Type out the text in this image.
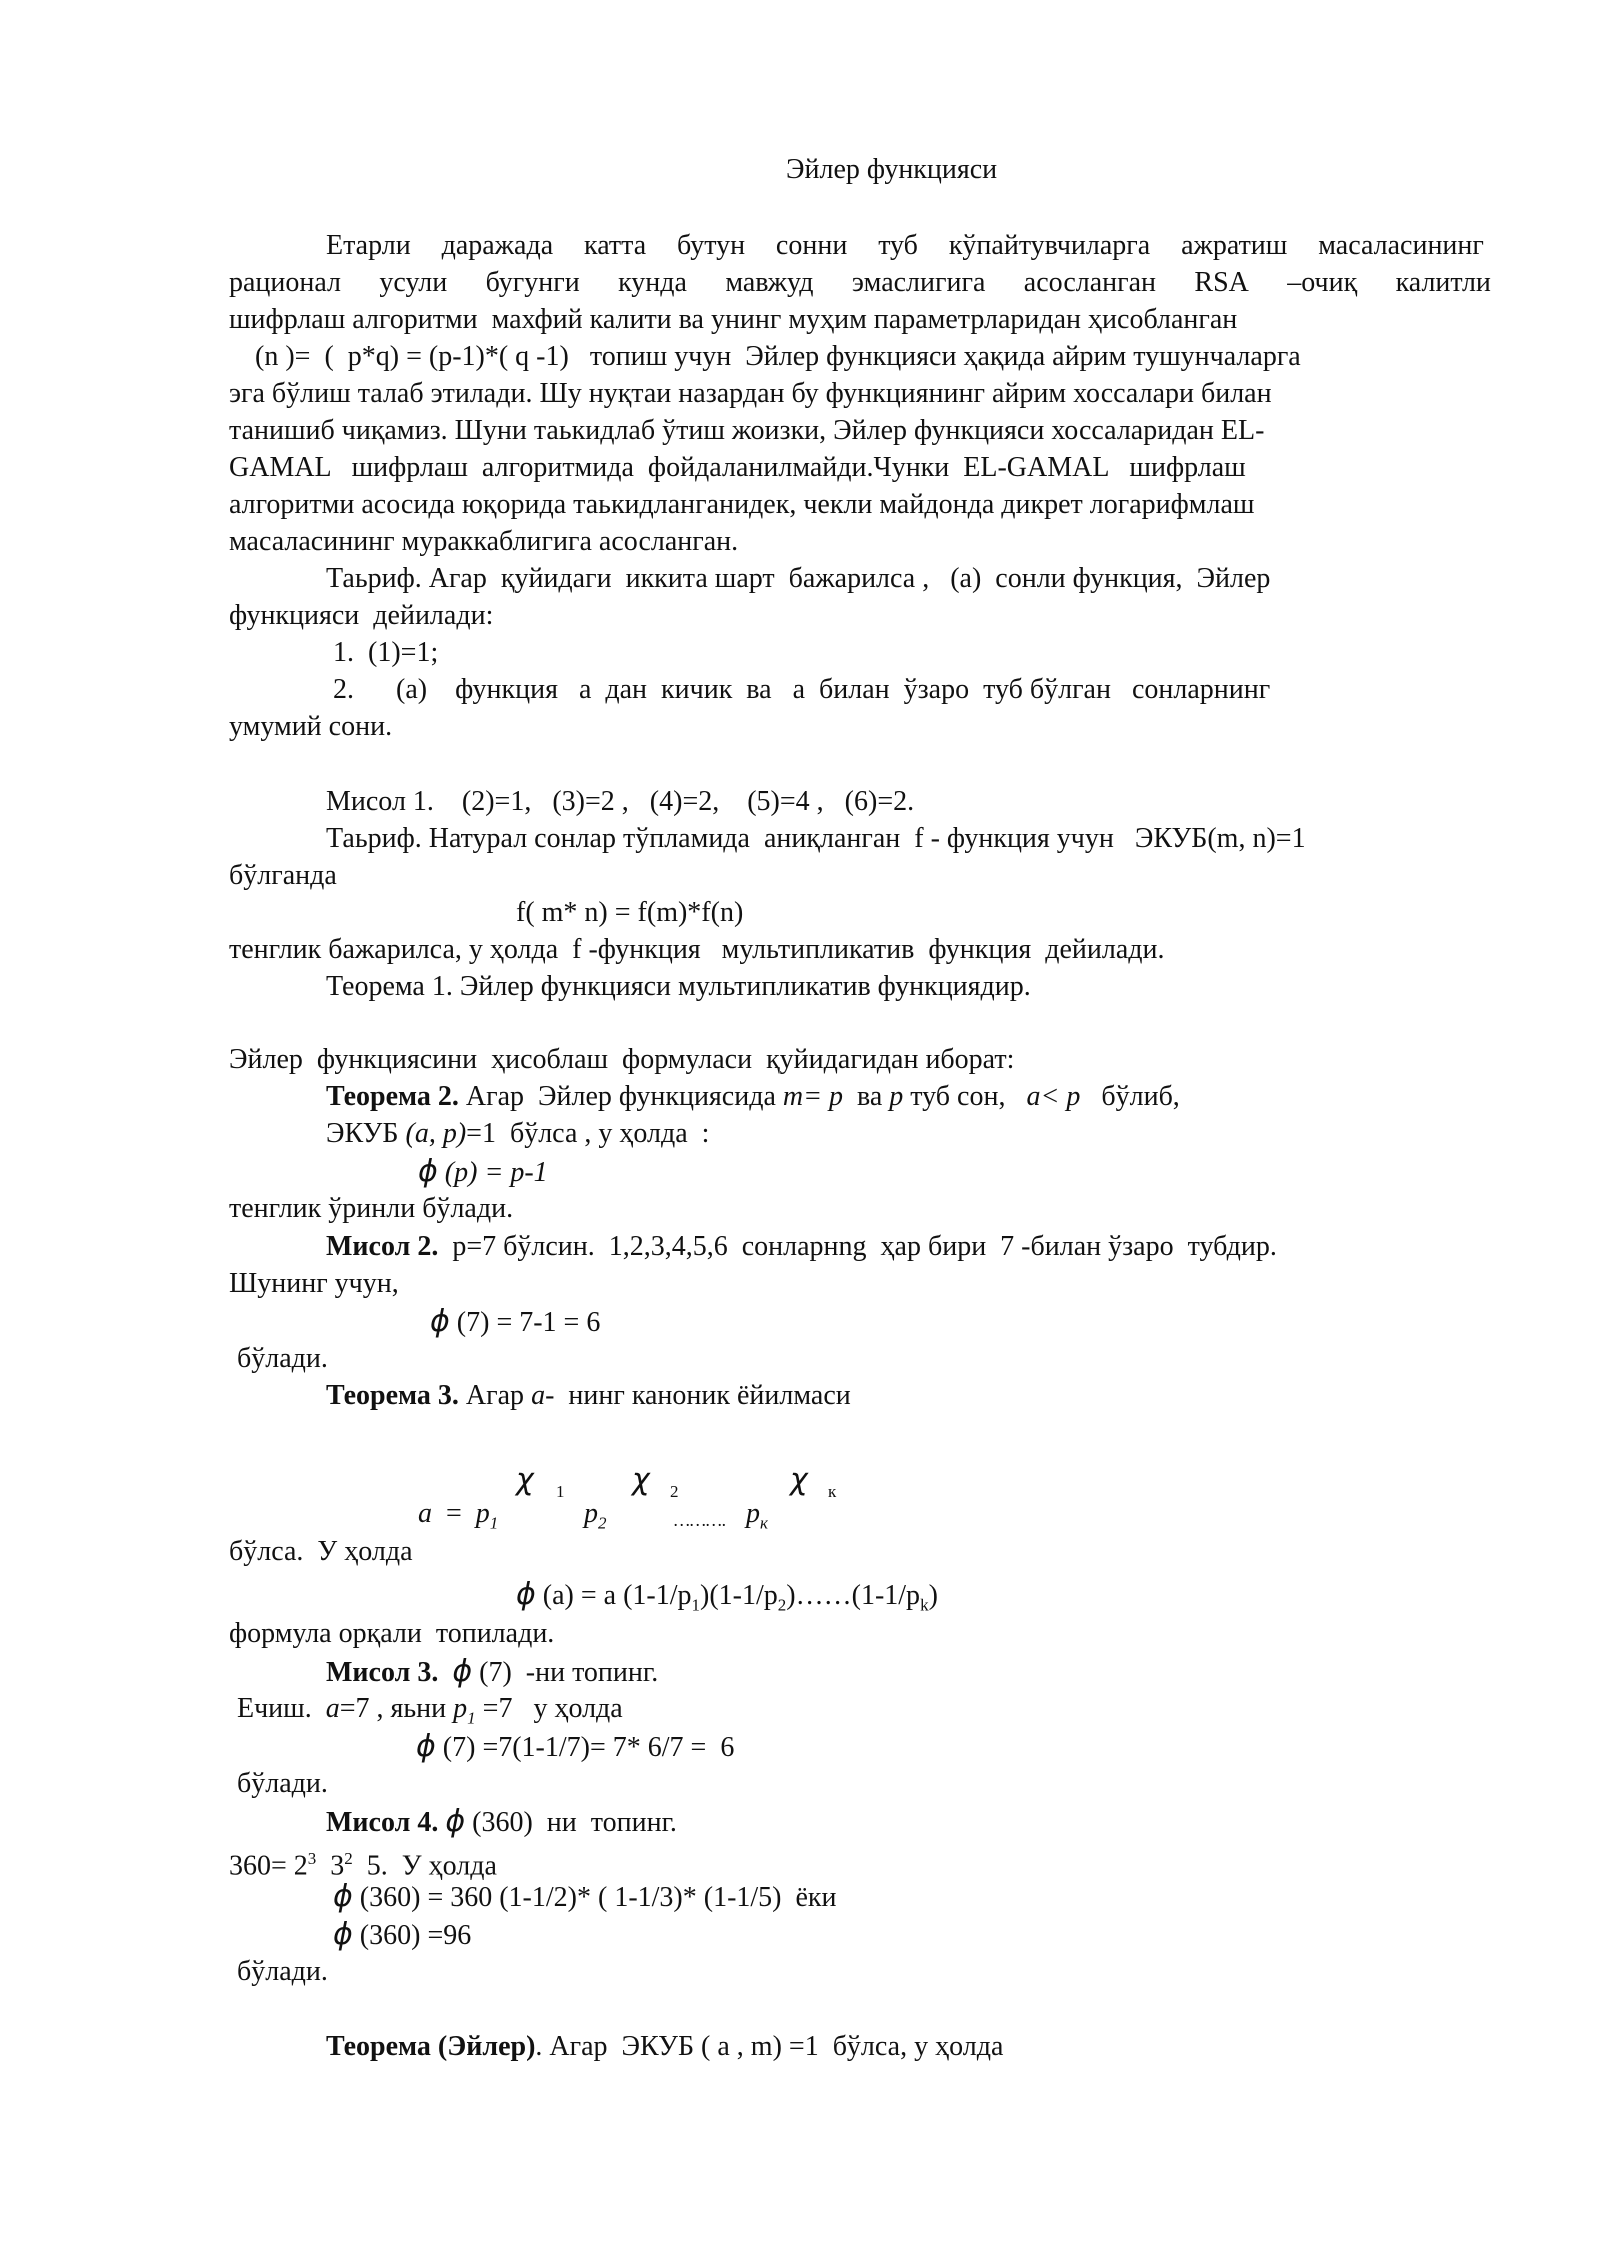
Эйлер функцияси
Етарли даражада катта бутун сонни туб кўпайтувчиларга ажратиш масаласининг
рационал усули бугунги кунда мавжуд эмаслигига асосланган RSA –очиқ калитли
шифрлаш алгоритми  махфий калити ва унинг муҳим параметрларидан ҳисобланган
(n )=  (  p*q) = (p-1)*( q -1)   топиш учун  Эйлер функцияси ҳақида айрим тушунчаларга
эга бўлиш талаб этилади. Шу нуқтаи назардан бу функциянинг айрим хоссалари билан
танишиб чиқамиз. Шуни таькидлаб ўтиш жоизки, Эйлер функцияси хоссаларидан EL-
GAMAL   шифрлаш  алгоритмида  фойдаланилмайди.Чунки  EL-GAMAL   шифрлаш
алгоритми асосида юқорида таькидланганидек, чекли майдонда дикрет логарифмлаш
масаласининг мураккаблигига асосланган.
Таьриф. Агар  қуйидаги  иккита шарт  бажарилса ,   (a)  сонли функция,  Эйлер
функцияси  дейилади:
1.  (1)=1;
2.      (a)    функция   a  дан  кичик  ва   a  билан  ўзаро  туб бўлган   сонларнинг
умумий сони.
Мисол 1.    (2)=1,   (3)=2 ,   (4)=2,    (5)=4 ,   (6)=2.
Таьриф. Натурал сонлар тўпламида  аниқланган  f - функция учун   ЭКУБ(m, n)=1
бўлганда
f( m* n) = f(m)*f(n)
тенглик бажарилса, у ҳолда  f -функция   мультипликатив  функция  дейилади.
Теорема 1. Эйлер функцияси мультипликатив функциядир.
Эйлер  функциясини  ҳисоблаш  формуласи  қуйидагидан иборат:
Теорема 2. Агар  Эйлер функциясида m= p  ва p туб сон,   a< p   бўлиб,
ЭКУБ (a, p)=1  бўлса , у ҳолда  :
ϕ (p) = p-1
тенглик ўринли бўлади.
Мисол 2.  p=7 бўлсин.  1,2,3,4,5,6  сонларнng  ҳар бири  7 -билан ўзаро  тубдир.
Шунинг учун,
ϕ (7) = 7-1 = 6
бўлади.
Теорема 3. Агар a-  нинг каноник ёйилмаси
χ 1 χ 2	χ к
$a = p_1$	$p_2$	………. $p_к$
бўлса.  У ҳолда
ϕ (a) = a $(1-1/p_1)(1-1/p_2)\dots\dots(1-1/p_k)$
формула орқали  топилади.
Мисол 3. ϕ (7)  -ни топинг.
Ечиш.  a=7 , яьни $p_1 =7$   у ҳолда
ϕ (7) =7(1-1/7)= 7* 6/7 =  6
бўлади.
Мисол 4. ϕ (360)  ни  топинг.
$360= 2^3$  $3^2$  5.  У ҳолда
ϕ (360) = 360 (1-1/2)* ( 1-1/3)* (1-1/5)  ёки
ϕ (360) =96
бўлади.
Теорема (Эйлер). Агар  ЭКУБ ( a , m) =1  бўлса, у ҳолда
